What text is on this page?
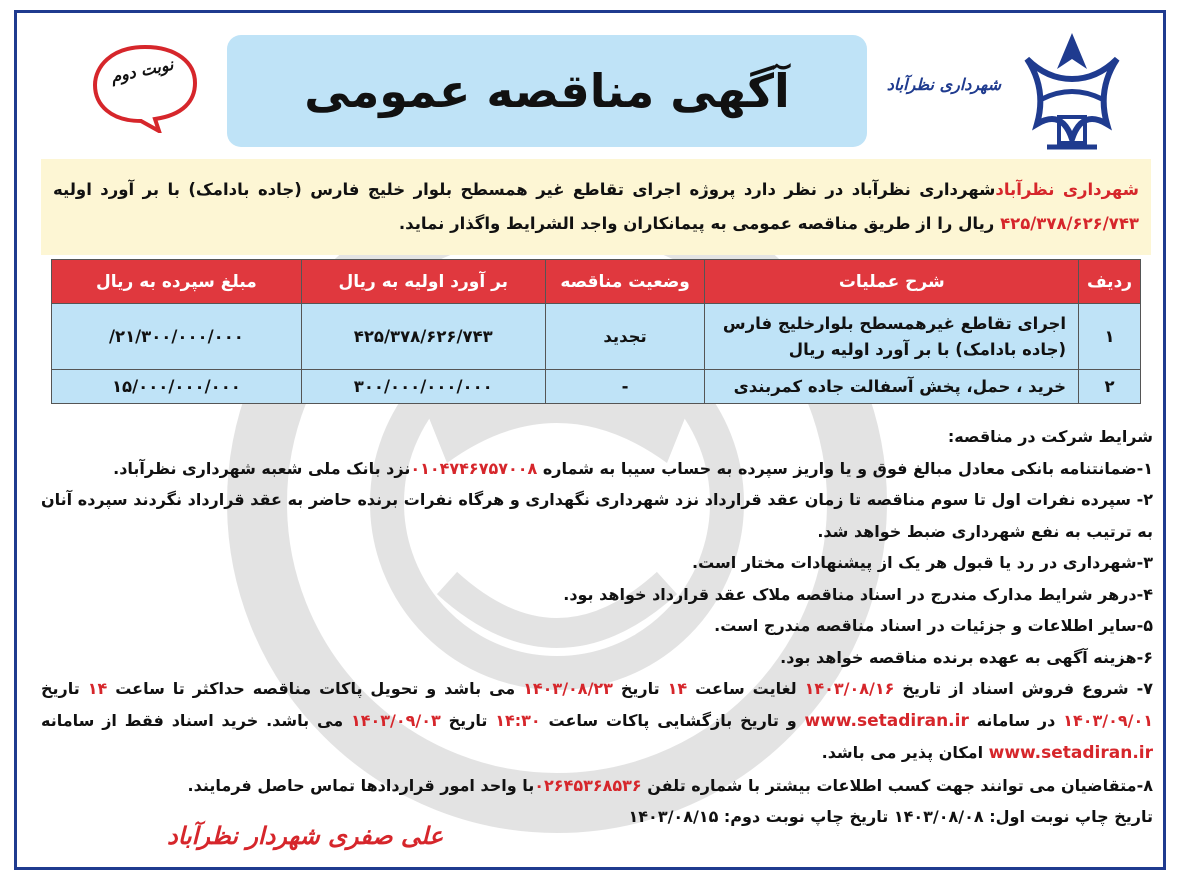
نوبت دوم	آگهی مناقصه عمومی	شهرداری نظرآباد
شهرداری نظرآبادشهرداری نظرآباد در نظر دارد پروژه اجرای تقاطع غیر همسطح بلوار خلیج فارس (جاده بادامک) با بر آورد اولیه ۴۲۵/۳۷۸/۶۲۶/۷۴۳ ریال را از طریق مناقصه عمومی به پیمانکاران واجد الشرایط واگذار نماید.
ردیف	شرح عملیات	وضعیت مناقصه	بر آورد اولیه به ریال	مبلغ سپرده به ریال
۱	اجرای تقاطع غیرهمسطح بلوارخلیج فارس
(جاده بادامک) با بر آورد اولیه ریال	تجدید	۴۲۵/۳۷۸/۶۲۶/۷۴۳	۲۱/۳۰۰/۰۰۰/۰۰۰/
۲	خرید ، حمل، پخش آسفالت جاده کمربندی	-	۳۰۰/۰۰۰/۰۰۰/۰۰۰	۱۵/۰۰۰/۰۰۰/۰۰۰

شرایط شرکت در مناقصه:

۱-ضمانتنامه بانکی معادل مبالغ فوق و یا واریز سپرده به حساب سیبا به شماره ۰۱۰۴۷۴۶۷۵۷۰۰۸نزد بانک ملی شعبه شهرداری نظرآباد.

۲- سپرده نفرات اول تا سوم مناقصه تا زمان عقد قرارداد نزد شهرداری نگهداری و هرگاه نفرات برنده حاضر به عقد قرارداد نگردند سپرده آنان به ترتیب به نفع شهرداری ضبط خواهد شد.

۳-شهرداری در رد یا قبول هر یک از پیشنهادات مختار است.

۴-درهر شرایط مدارک مندرج در اسناد مناقصه ملاک عقد قرارداد خواهد بود.

۵-سایر اطلاعات و جزئیات در اسناد مناقصه مندرج است.

۶-هزینه آگهی به عهده برنده مناقصه خواهد بود.

۷- شروع فروش اسناد از تاریخ ۱۴۰۳/۰۸/۱۶ لغایت ساعت ۱۴ تاریخ ۱۴۰۳/۰۸/۲۳ می باشد و تحویل پاکات مناقصه حداکثر تا ساعت ۱۴ تاریخ ۱۴۰۳/۰۹/۰۱ در سامانه www.setadiran.ir و تاریخ بازگشایی پاکات ساعت ۱۴:۳۰ تاریخ ۱۴۰۳/۰۹/۰۳ می باشد. خرید اسناد فقط از سامانه www.setadiran.ir امکان پذیر می باشد.

۸-متقاضیان می توانند جهت کسب اطلاعات بیشتر با شماره تلفن ۰۲۶۴۵۳۶۸۵۳۶با واحد امور قراردادها تماس حاصل فرمایند.

تاریخ چاپ نوبت اول: ۱۴۰۳/۰۸/۰۸ تاریخ چاپ نوبت دوم: ۱۴۰۳/۰۸/۱۵

علی صفری شهردار نظرآباد
